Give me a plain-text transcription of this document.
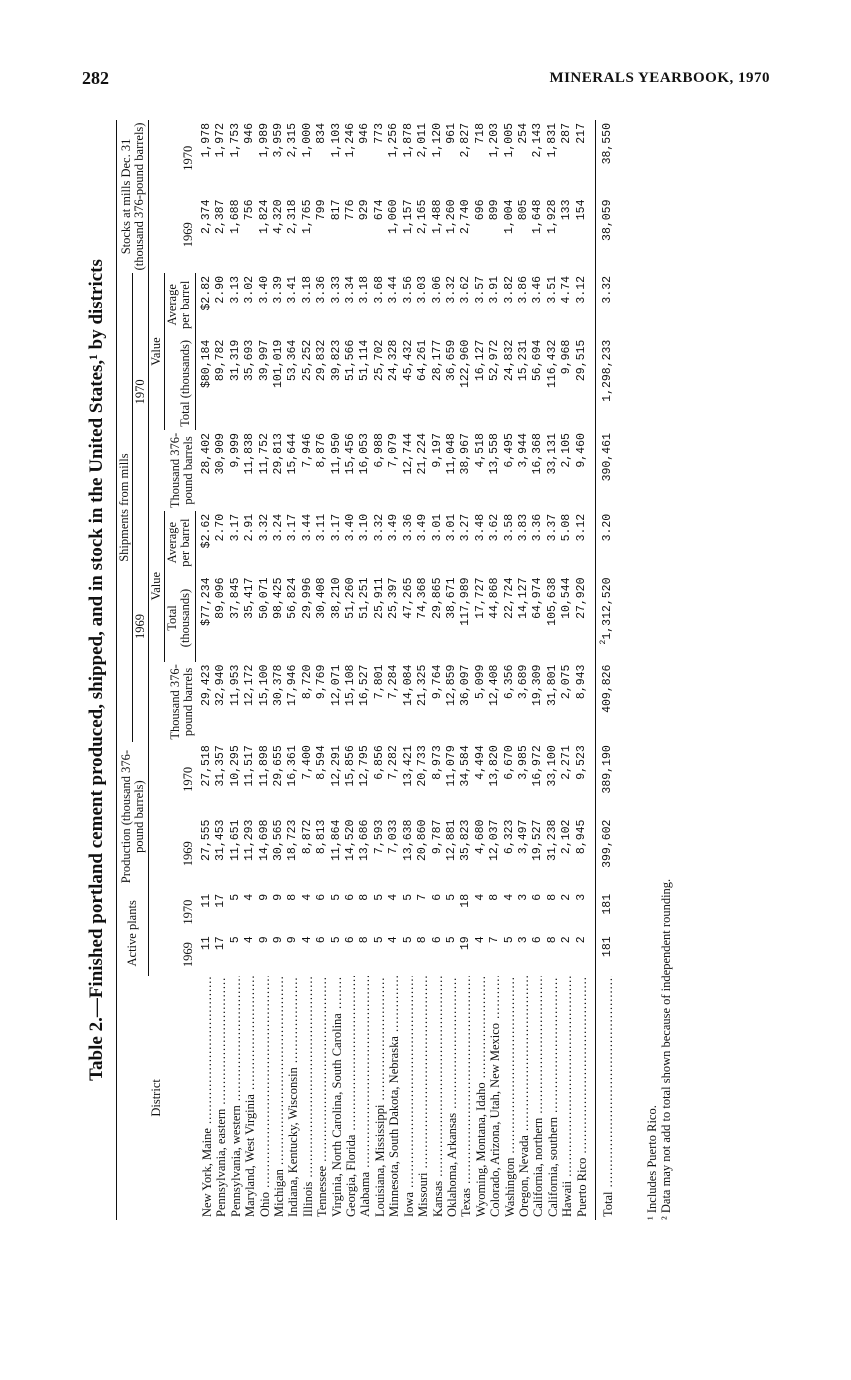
282	MINERALS YEARBOOK, 1970
Table 2.—Finished portland cement produced, shipped, and in stock in the United States,¹ by districts
District	Active plants		Production (thousand 376-pound barrels)		Shipments from mills						Stocks at mills Dec. 31 (thousand 376-pound barrels)	
					1969			1970				
	1969	1970	1969	1970	Thousand 376-pound barrels	Value		Thousand 376-pound barrels	Value		1969	1970
						Total (thousands)	Average per barrel		Total (thousands)	Average per barrel		
New York, Maine .....	11	11	27,555	27,518	29,423	$77,234	$2.62	28,402	$80,184	$2.82	2,374	1,978
Pennsylvania, eastern .....	17	17	31,453	31,357	32,940	89,096	2.70	30,909	89,782	2.90	2,387	1,972
Pennsylvania, western .....	5	5	11,651	10,295	11,953	37,845	3.17	9,999	31,319	3.13	1,688	1,753
Maryland, West Virginia .....	4	4	11,293	11,517	12,172	35,417	2.91	11,838	35,693	3.02	756	946
Ohio .....	9	9	14,698	11,898	15,100	50,071	3.32	11,752	39,997	3.40	1,824	1,989
Michigan .....	9	9	30,565	29,655	30,378	98,425	3.24	29,813	101,019	3.39	4,320	3,959
Indiana, Kentucky, Wisconsin .....	9	8	18,723	16,361	17,946	56,824	3.17	15,644	53,364	3.41	2,318	2,315
Illinois .....	4	4	8,872	7,400	8,720	29,996	3.44	7,946	25,252	3.18	1,765	1,000
Tennessee .....	6	6	8,813	8,594	9,769	30,408	3.11	8,876	29,832	3.36	799	834
Virginia, North Carolina, South Carolina .....	5	5	11,864	12,291	12,071	38,210	3.17	11,950	39,823	3.33	817	1,103
Georgia, Florida .....	6	6	14,520	15,856	15,108	51,260	3.40	15,456	51,566	3.34	776	1,246
Alabama .....	8	8	13,686	12,795	16,527	51,251	3.10	16,053	51,114	3.18	929	946
Louisiana, Mississippi .....	5	5	7,593	6,856	7,801	25,911	3.32	6,988	25,702	3.68	674	773
Minnesota, South Dakota, Nebraska .....	4	4	7,033	7,282	7,284	25,397	3.49	7,079	24,328	3.44	1,060	1,256
Iowa .....	5	5	13,638	13,421	14,084	47,265	3.36	12,744	45,432	3.56	1,157	1,878
Missouri .....	8	7	20,860	20,733	21,325	74,368	3.49	21,224	64,261	3.03	2,165	2,011
Kansas .....	6	6	9,787	8,973	9,764	29,865	3.01	9,197	28,177	3.06	1,488	1,120
Oklahoma, Arkansas .....	5	5	12,881	11,079	12,859	38,671	3.01	11,048	36,659	3.32	1,260	961
Texas .....	19	18	35,823	34,584	36,097	117,989	3.27	38,967	122,960	3.62	2,740	2,827
Wyoming, Montana, Idaho .....	4	4	4,680	4,494	5,099	17,727	3.48	4,518	16,127	3.57	696	718
Colorado, Arizona, Utah, New Mexico .....	7	8	12,037	13,820	12,408	44,868	3.62	13,558	52,972	3.91	899	1,203
Washington .....	5	4	6,323	6,670	6,356	22,724	3.58	6,495	24,832	3.82	1,004	1,005
Oregon, Nevada .....	3	3	3,497	3,985	3,689	14,127	3.83	3,944	15,231	3.86	805	254
California, northern .....	6	6	19,527	16,972	19,309	64,974	3.36	16,368	56,694	3.46	1,648	2,143
California, southern .....	8	8	31,238	33,100	31,801	105,638	3.37	33,131	116,432	3.51	1,928	1,831
Hawaii .....	2	2	2,102	2,271	2,075	10,544	5.08	2,105	9,968	4.74	133	287
Puerto Rico .....	2	3	8,945	9,523	8,943	27,920	3.12	9,460	29,515	3.12	154	217

Total .....	181	181	399,602	389,190	409,826	$^2$1,312,520	3.20	390,461	1,298,233	3.32	38,059	38,550
¹ Includes Puerto Rico. ² Data may not add to total shown because of independent rounding.
